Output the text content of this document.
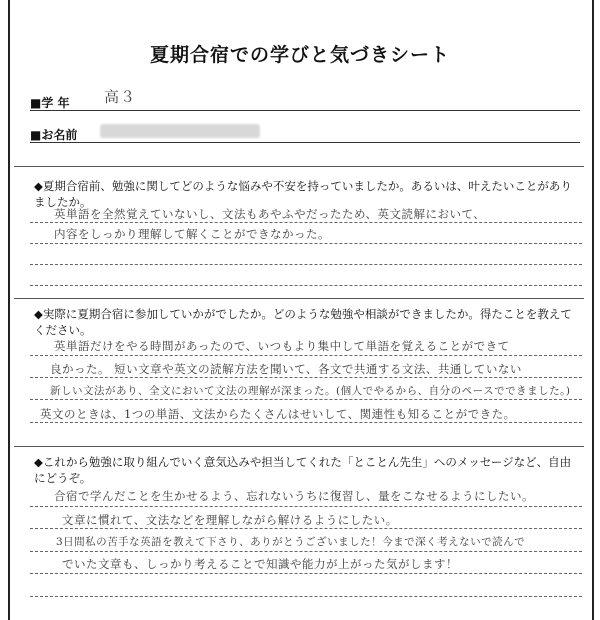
夏期合宿での学びと気づきシート
■学 年 高３
■お名前
◆夏期合宿前、勉強に関してどのような悩みや不安を持っていましたか。あるいは、叶えたいことがありましたか。
英単語を全然覚えていないし、文法もあやふやだったため、英文読解において、
内容をしっかり理解して解くことができなかった。
◆実際に夏期合宿に参加していかがでしたか。どのような勉強や相談ができましたか。得たことを教えてください。
英単語だけをやる時間があったので、いつもより集中して単語を覚えることができて
良かった。 短い文章や英文の読解方法を聞いて、各文で共通する文法、共通していない
新しい文法があり、全文において文法の理解が深まった。(個人でやるから、自分のペースでできました。)
英文のときは、1つの単語、文法からたくさんはせいして、関連性も知ることができた。
◆これから勉強に取り組んでいく意気込みや担当してくれた「とことん先生」へのメッセージなど、自由にどうぞ。
合宿で学んだことを生かせるよう、忘れないうちに復習し、量をこなせるようにしたい。
文章に慣れて、文法などを理解しながら解けるようにしたい。
3日間私の苦手な英語を教えて下さり、ありがとうございました！今まで深く考えないで読んで
でいた文章も、しっかり考えることで知識や能力が上がった気がします！
